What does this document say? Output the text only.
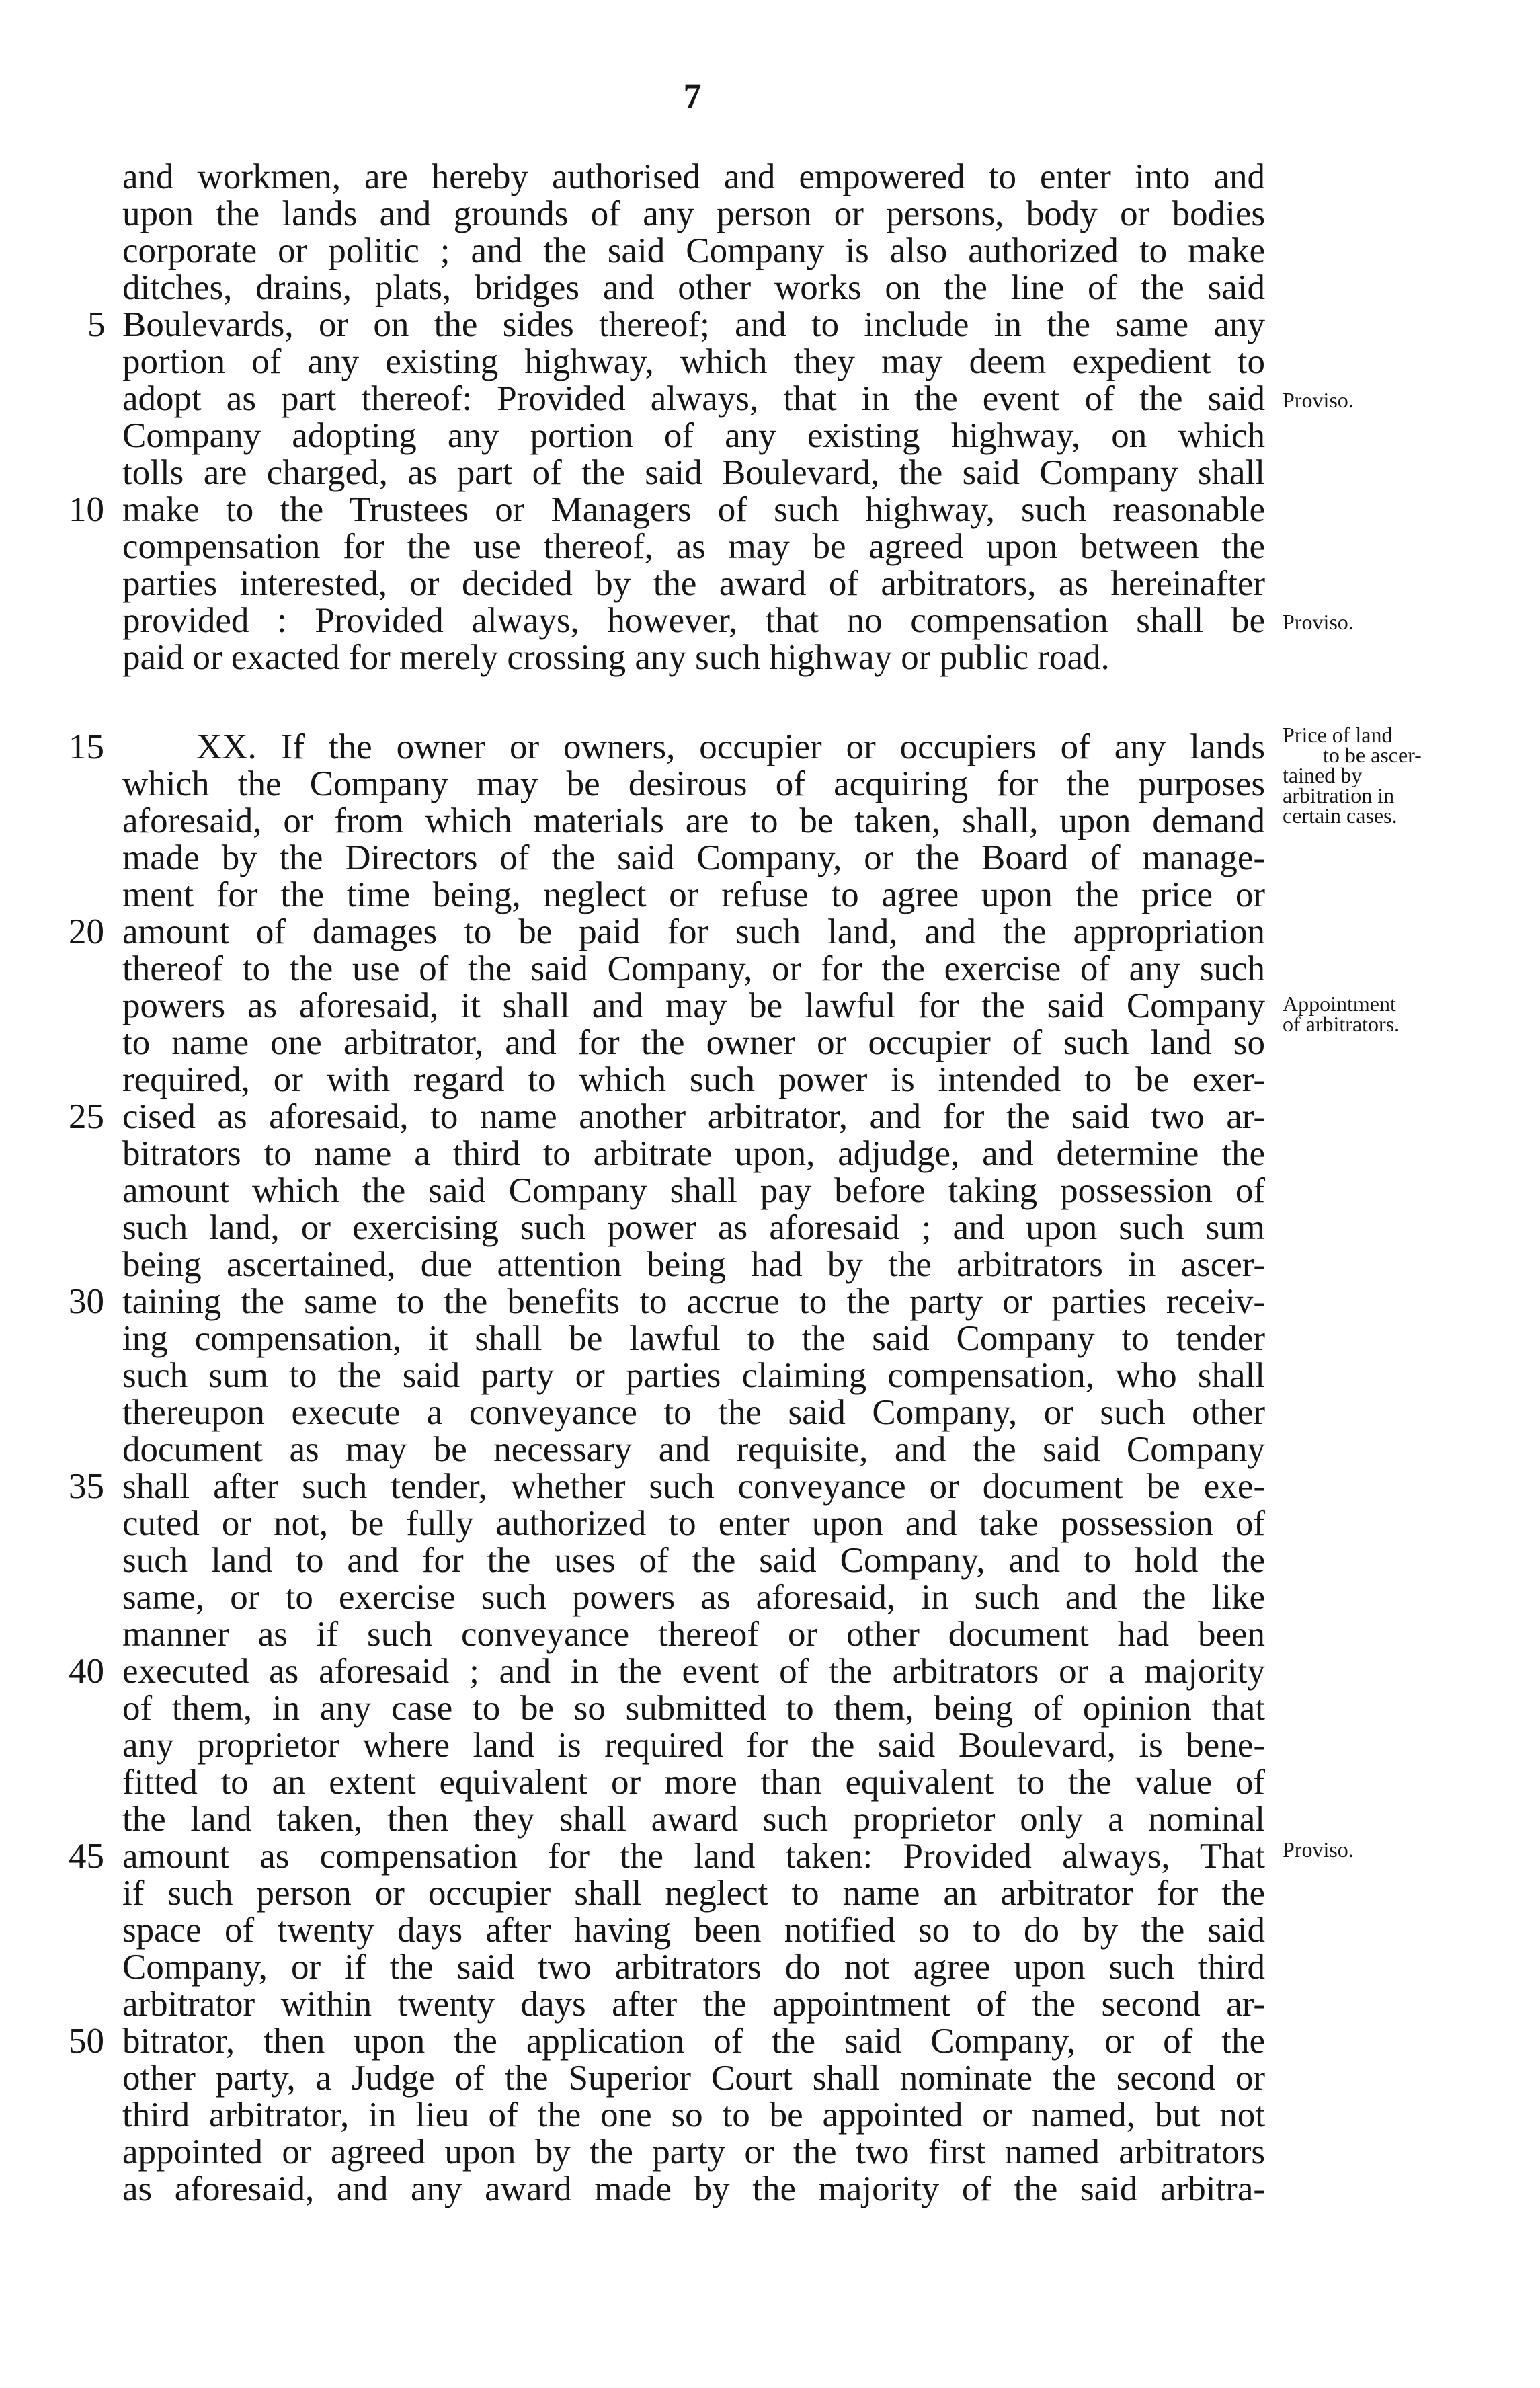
7
and workmen, are hereby authorised and empowered to enter into and
upon the lands and grounds of any person or persons, body or bodies
corporate or politic ; and the said Company is also authorized to make
ditches, drains, plats, bridges and other works on the line of the said
Boulevards, or on the sides thereof; and to include in the same any
portion of any existing highway, which they may deem expedient to
adopt as part thereof: Provided always, that in the event of the said
Company adopting any portion of any existing highway, on which
tolls are charged, as part of the said Boulevard, the said Company shall
make to the Trustees or Managers of such highway, such reasonable
compensation for the use thereof, as may be agreed upon between the
parties interested, or decided by the award of arbitrators, as hereinafter
provided : Provided always, however, that no compensation shall be
paid or exacted for merely crossing any such highway or public road.
5
10
XX. If the owner or owners, occupier or occupiers of any lands
which the Company may be desirous of acquiring for the purposes
aforesaid, or from which materials are to be taken, shall, upon demand
made by the Directors of the said Company, or the Board of manage-
ment for the time being, neglect or refuse to agree upon the price or
amount of damages to be paid for such land, and the appropriation
thereof to the use of the said Company, or for the exercise of any such
powers as aforesaid, it shall and may be lawful for the said Company
to name one arbitrator, and for the owner or occupier of such land so
required, or with regard to which such power is intended to be exer-
cised as aforesaid, to name another arbitrator, and for the said two ar-
bitrators to name a third to arbitrate upon, adjudge, and determine the
amount which the said Company shall pay before taking possession of
such land, or exercising such power as aforesaid ; and upon such sum
being ascertained, due attention being had by the arbitrators in ascer-
taining the same to the benefits to accrue to the party or parties receiv-
ing compensation, it shall be lawful to the said Company to tender
such sum to the said party or parties claiming compensation, who shall
thereupon execute a conveyance to the said Company, or such other
document as may be necessary and requisite, and the said Company
shall after such tender, whether such conveyance or document be exe-
cuted or not, be fully authorized to enter upon and take possession of
such land to and for the uses of the said Company, and to hold the
same, or to exercise such powers as aforesaid, in such and the like
manner as if such conveyance thereof or other document had been
executed as aforesaid ; and in the event of the arbitrators or a majority
of them, in any case to be so submitted to them, being of opinion that
any proprietor where land is required for the said Boulevard, is bene-
fitted to an extent equivalent or more than equivalent to the value of
the land taken, then they shall award such proprietor only a nominal
amount as compensation for the land taken: Provided always, That
if such person or occupier shall neglect to name an arbitrator for the
space of twenty days after having been notified so to do by the said
Company, or if the said two arbitrators do not agree upon such third
arbitrator within twenty days after the appointment of the second ar-
bitrator, then upon the application of the said Company, or of the
other party, a Judge of the Superior Court shall nominate the second or
third arbitrator, in lieu of the one so to be appointed or named, but not
appointed or agreed upon by the party or the two first named arbitrators
as aforesaid, and any award made by the majority of the said arbitra-
15
20
25
30
35
40
45
50
Proviso.
Proviso.
Price of land
to be ascer-
tained by
arbitration in
certain cases.
Appointment
of arbitrators.
Proviso.
